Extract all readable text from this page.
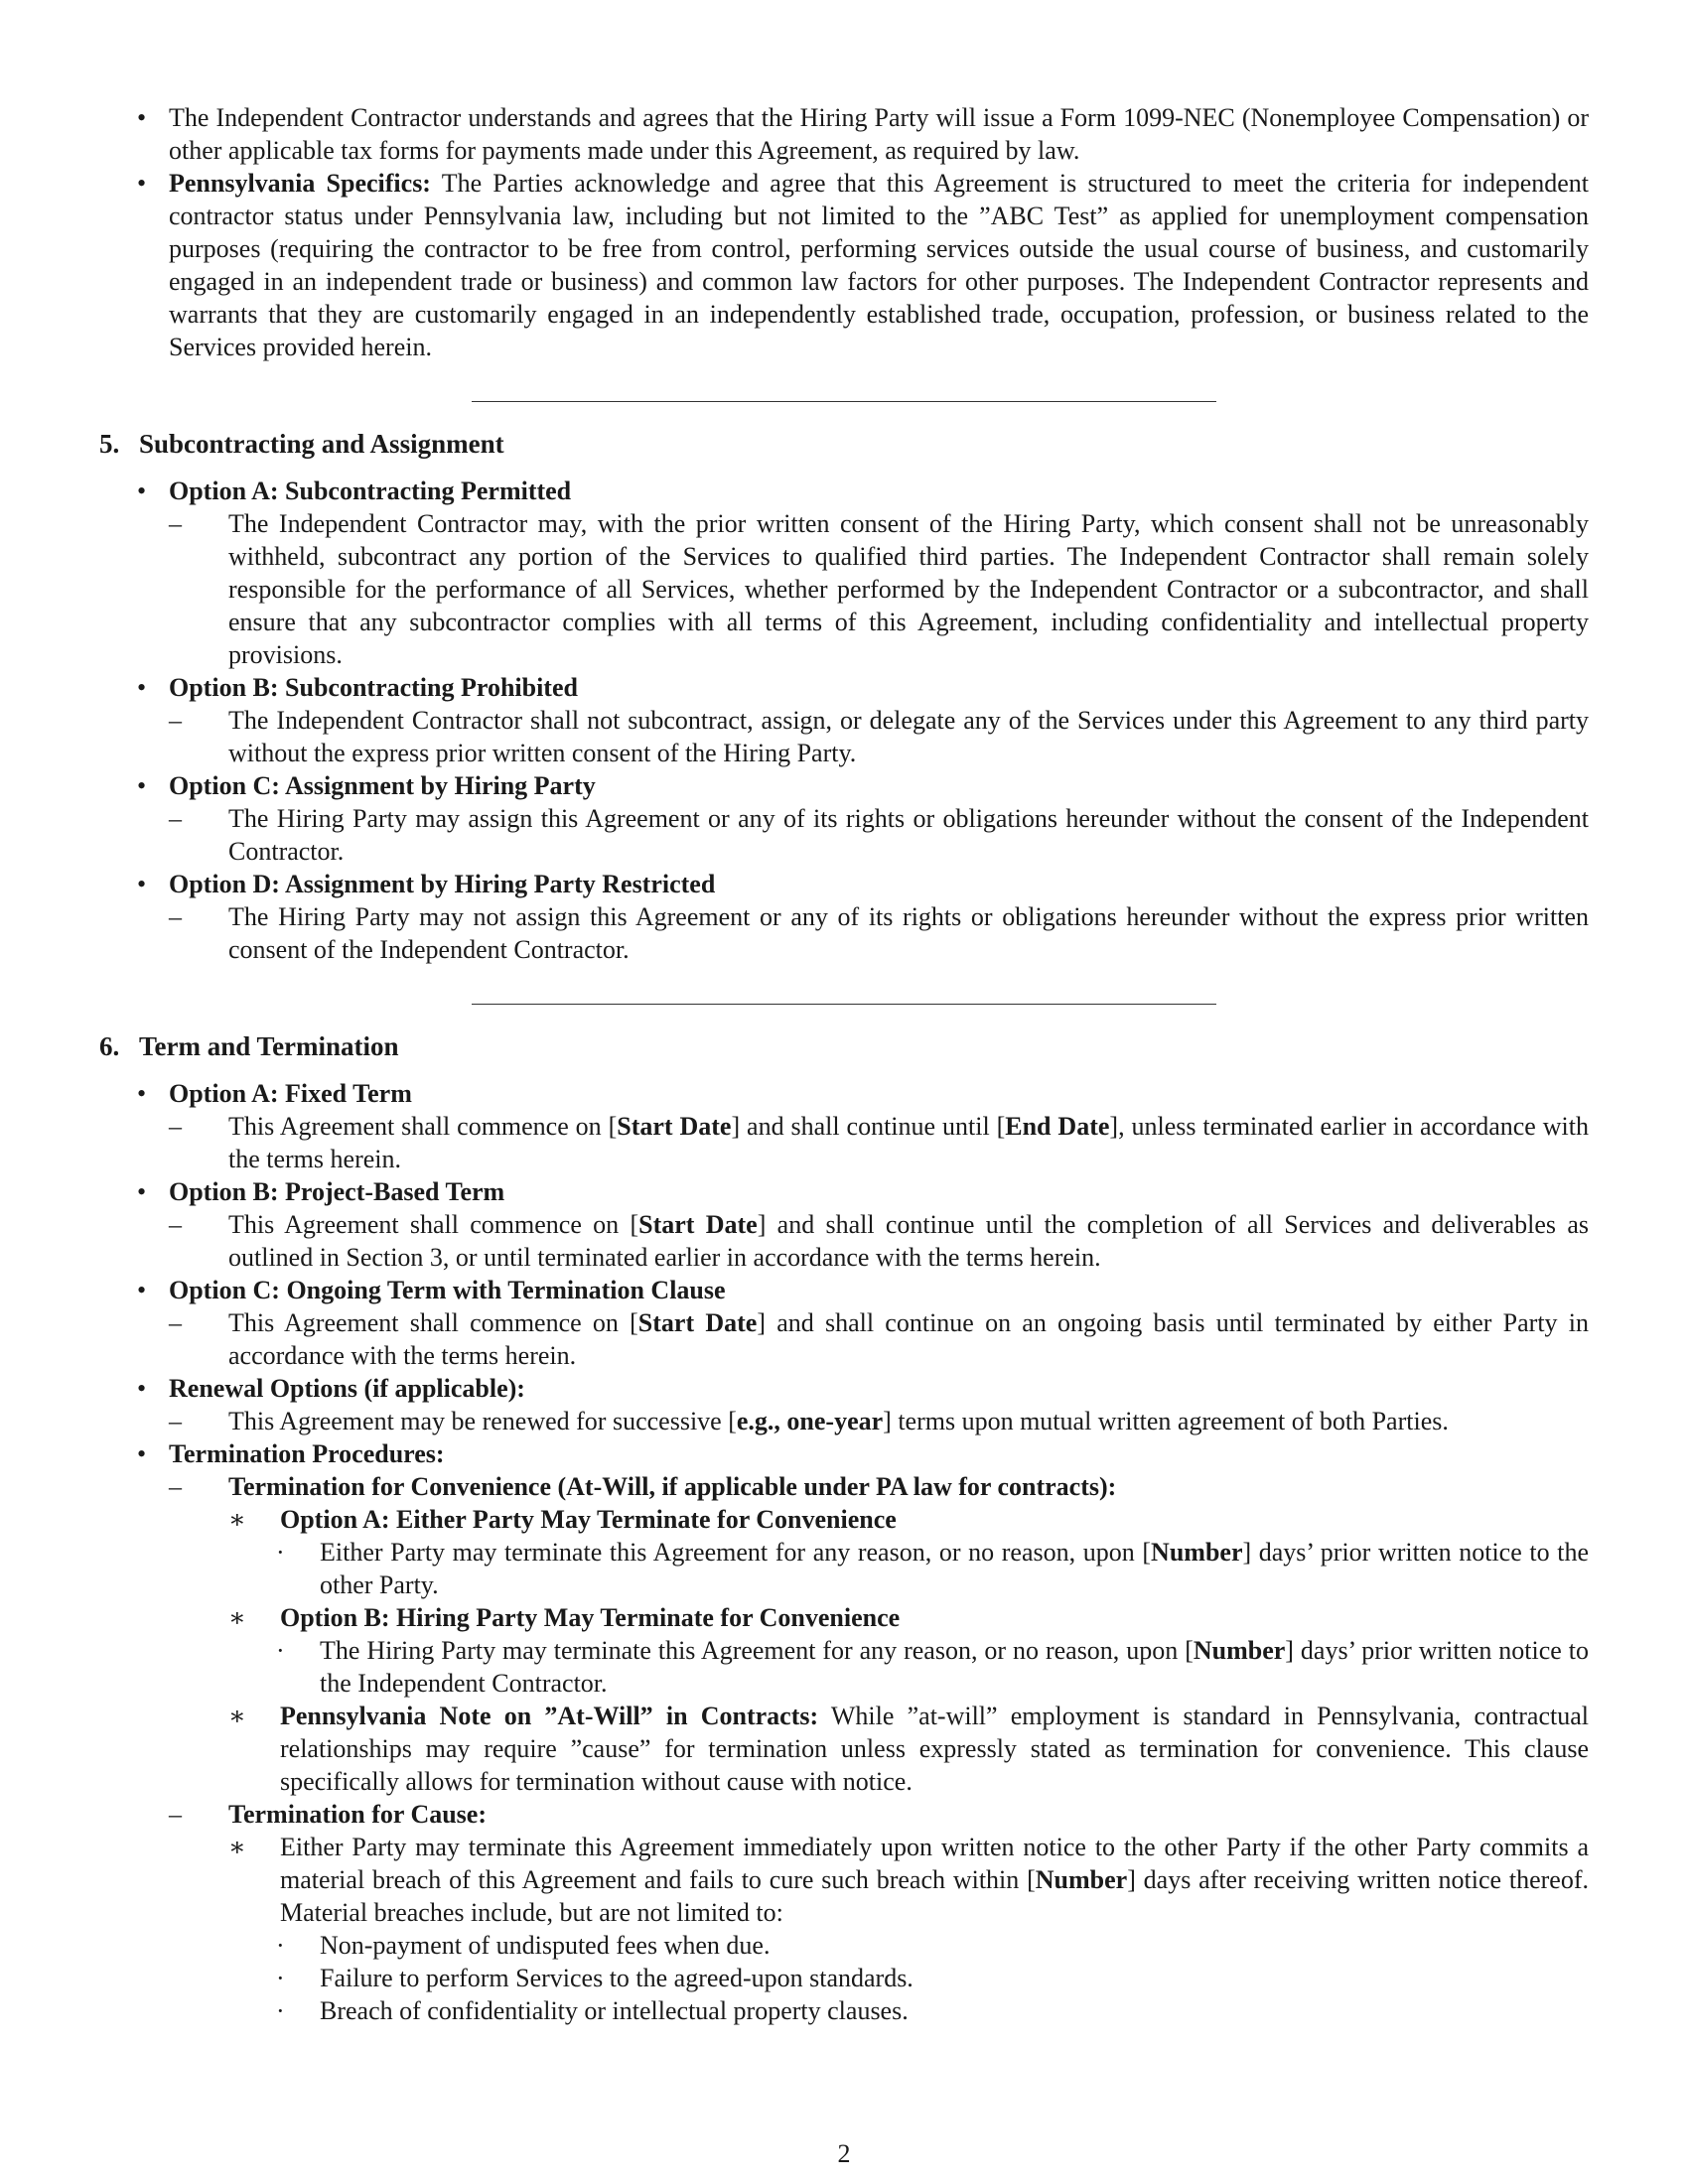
• The Independent Contractor understands and agrees that the Hiring Party will issue a Form 1099-NEC (Nonemployee Compensation) or other applicable tax forms for payments made under this Agreement, as required by law.
• Pennsylvania Specifics: The Parties acknowledge and agree that this Agreement is structured to meet the criteria for independent contractor status under Pennsylvania law, including but not limited to the ”ABC Test” as applied for unemployment compensation purposes (requiring the contractor to be free from control, performing services outside the usual course of business, and customarily engaged in an independent trade or business) and common law factors for other purposes. The Independent Contractor represents and warrants that they are customarily engaged in an independently established trade, occupation, profession, or business related to the Services provided herein.
5. Subcontracting and Assignment
• Option A: Subcontracting Permitted
– The Independent Contractor may, with the prior written consent of the Hiring Party, which consent shall not be unreasonably withheld, subcontract any portion of the Services to qualified third parties. The Independent Contractor shall remain solely responsible for the performance of all Services, whether performed by the Independent Contractor or a subcontractor, and shall ensure that any subcontractor complies with all terms of this Agreement, including confidentiality and intellectual property provisions.
• Option B: Subcontracting Prohibited
– The Independent Contractor shall not subcontract, assign, or delegate any of the Services under this Agreement to any third party without the express prior written consent of the Hiring Party.
• Option C: Assignment by Hiring Party
– The Hiring Party may assign this Agreement or any of its rights or obligations hereunder without the consent of the Independent Contractor.
• Option D: Assignment by Hiring Party Restricted
– The Hiring Party may not assign this Agreement or any of its rights or obligations hereunder without the express prior written consent of the Independent Contractor.
6. Term and Termination
• Option A: Fixed Term
– This Agreement shall commence on [Start Date] and shall continue until [End Date], unless terminated earlier in accordance with the terms herein.
• Option B: Project-Based Term
– This Agreement shall commence on [Start Date] and shall continue until the completion of all Services and deliverables as outlined in Section 3, or until terminated earlier in accordance with the terms herein.
• Option C: Ongoing Term with Termination Clause
– This Agreement shall commence on [Start Date] and shall continue on an ongoing basis until terminated by either Party in accordance with the terms herein.
• Renewal Options (if applicable):
– This Agreement may be renewed for successive [e.g., one-year] terms upon mutual written agreement of both Parties.
• Termination Procedures:
– Termination for Convenience (At-Will, if applicable under PA law for contracts):
∗ Option A: Either Party May Terminate for Convenience
· Either Party may terminate this Agreement for any reason, or no reason, upon [Number] days’ prior written notice to the other Party.
∗ Option B: Hiring Party May Terminate for Convenience
· The Hiring Party may terminate this Agreement for any reason, or no reason, upon [Number] days’ prior written notice to the Independent Contractor.
∗ Pennsylvania Note on ”At-Will” in Contracts: While ”at-will” employment is standard in Pennsylvania, contractual relationships may require ”cause” for termination unless expressly stated as termination for convenience. This clause specifically allows for termination without cause with notice.
– Termination for Cause:
∗ Either Party may terminate this Agreement immediately upon written notice to the other Party if the other Party commits a material breach of this Agreement and fails to cure such breach within [Number] days after receiving written notice thereof. Material breaches include, but are not limited to:
· Non-payment of undisputed fees when due.
· Failure to perform Services to the agreed-upon standards.
· Breach of confidentiality or intellectual property clauses.
2
